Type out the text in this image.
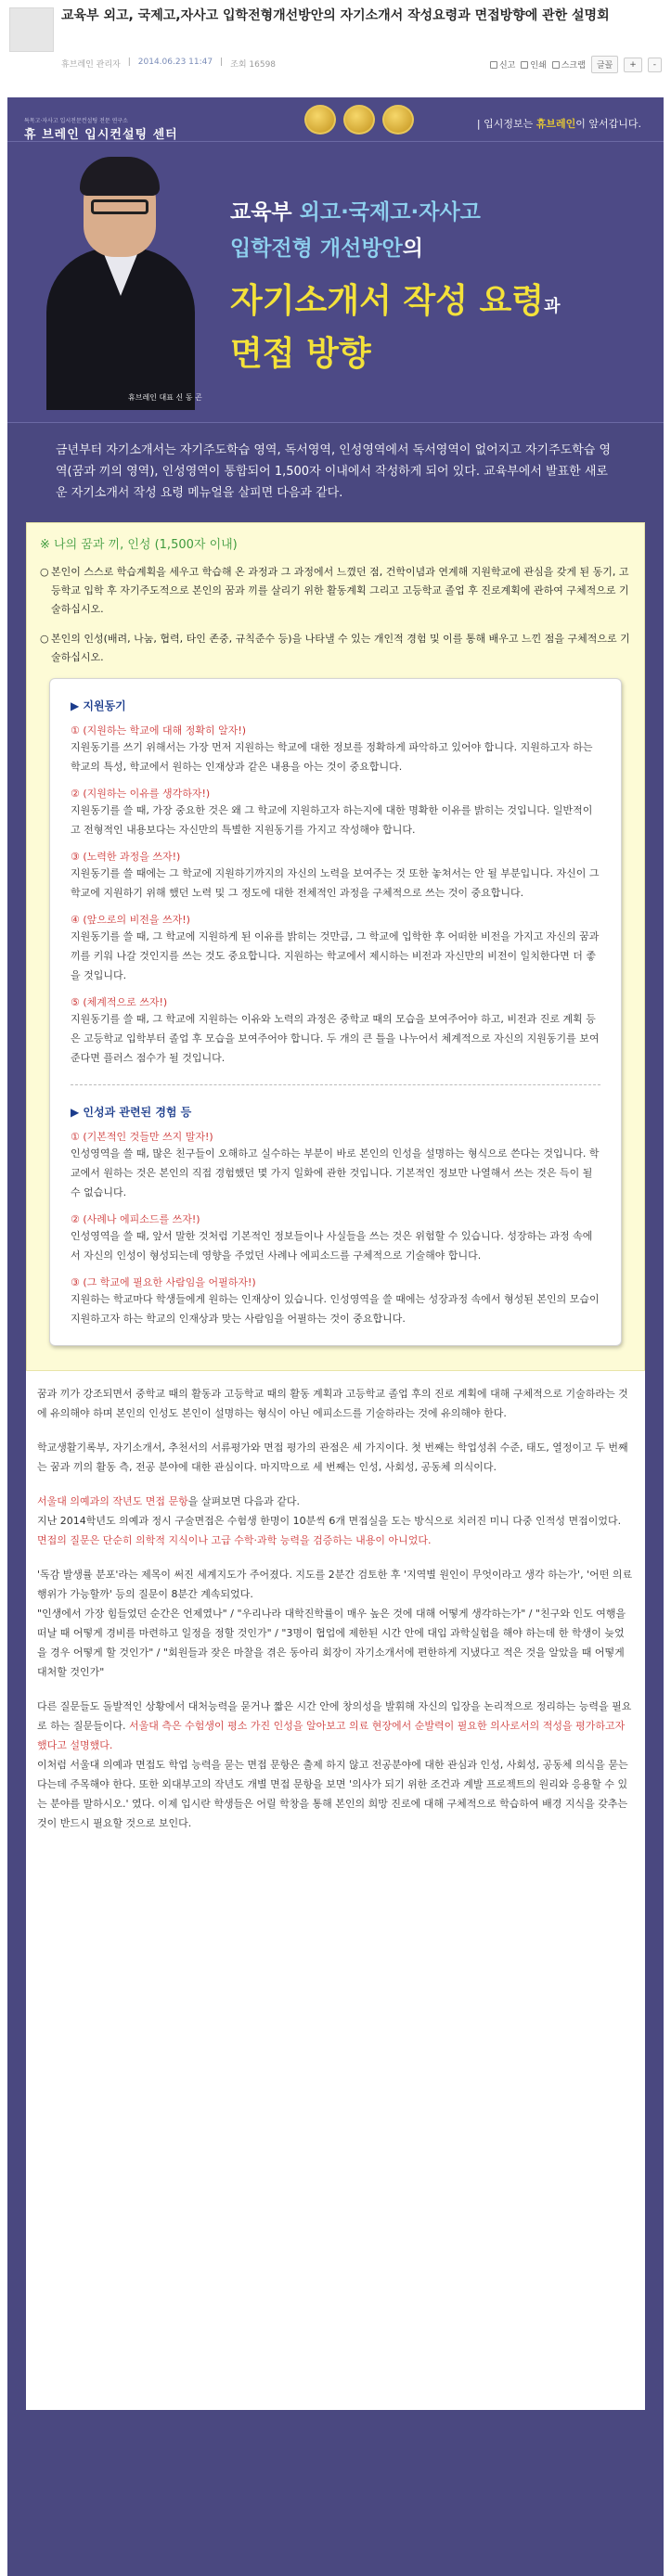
교육부 외고, 국제고,자사고 입학전형개선방안의 자기소개서 작성요령과 면접방향에 관한 설명회
휴브레인 관리자 | 2014.06.23 11:47 | 조회 16598	신고 인쇄 스크랩	글꼴	+	-
특목고·자사고 입시전문컨설팅 전문 연구소
휴 브레인 입시컨설팅 센터
| 입시정보는 휴브레인이 앞서갑니다.
휴브레인 대표 신 동 곤
교육부 외고·국제고·자사고
입학전형 개선방안의
자기소개서 작성 요령과
면접 방향
금년부터 자기소개서는 자기주도학습 영역, 독서영역, 인성영역에서 독서영역이 없어지고 자기주도학습 영역(꿈과 끼의 영역), 인성영역이 통합되어 1,500자 이내에서 작성하게 되어 있다. 교육부에서 발표한 새로운 자기소개서 작성 요령 메뉴얼을 살피면 다음과 같다.
※ 나의 꿈과 끼, 인성 (1,500자 이내)
○ 본인이 스스로 학습계획을 세우고 학습해 온 과정과 그 과정에서 느꼈던 점, 건학이념과 연계해 지원학교에 관심을 갖게 된 동기, 고등학교 입학 후 자기주도적으로 본인의 꿈과 끼를 살리기 위한 활동계획 그리고 고등학교 졸업 후 진로계획에 관하여 구체적으로 기술하십시오.
○ 본인의 인성(배려, 나눔, 협력, 타인 존중, 규칙준수 등)을 나타낼 수 있는 개인적 경험 및 이를 통해 배우고 느낀 점을 구체적으로 기술하십시오.
▶ 지원동기
① (지원하는 학교에 대해 정확히 알자!)
지원동기를 쓰기 위해서는 가장 먼저 지원하는 학교에 대한 정보를 정확하게 파악하고 있어야 합니다. 지원하고자 하는 학교의 특성, 학교에서 원하는 인재상과 같은 내용을 아는 것이 중요합니다.
② (지원하는 이유를 생각하자!)
지원동기를 쓸 때, 가장 중요한 것은 왜 그 학교에 지원하고자 하는지에 대한 명확한 이유를 밝히는 것입니다. 일반적이고 전형적인 내용보다는 자신만의 특별한 지원동기를 가지고 작성해야 합니다.
③ (노력한 과정을 쓰자!)
지원동기를 쓸 때에는 그 학교에 지원하기까지의 자신의 노력을 보여주는 것 또한 놓쳐서는 안 될 부분입니다. 자신이 그 학교에 지원하기 위해 했던 노력 및 그 정도에 대한 전체적인 과정을 구체적으로 쓰는 것이 중요합니다.
④ (앞으로의 비전을 쓰자!)
지원동기를 쓸 때, 그 학교에 지원하게 된 이유를 밝히는 것만큼, 그 학교에 입학한 후 어떠한 비전을 가지고 자신의 꿈과 끼를 키워 나갈 것인지를 쓰는 것도 중요합니다. 지원하는 학교에서 제시하는 비전과 자신만의 비전이 일치한다면 더 좋을 것입니다.
⑤ (체계적으로 쓰자!)
지원동기를 쓸 때, 그 학교에 지원하는 이유와 노력의 과정은 중학교 때의 모습을 보여주어야 하고, 비전과 진로 계획 등은 고등학교 입학부터 졸업 후 모습을 보여주어야 합니다. 두 개의 큰 틀을 나누어서 체계적으로 자신의 지원동기를 보여준다면 플러스 점수가 될 것입니다.
▶ 인성과 관련된 경험 등
① (기본적인 것들만 쓰지 말자!)
인성영역을 쓸 때, 많은 친구들이 오해하고 실수하는 부분이 바로 본인의 인성을 설명하는 형식으로 쓴다는 것입니다. 학교에서 원하는 것은 본인의 직접 경험했던 몇 가지 일화에 관한 것입니다. 기본적인 정보만 나열해서 쓰는 것은 득이 될 수 없습니다.
② (사례나 에피소드를 쓰자!)
인성영역을 쓸 때, 앞서 말한 것처럼 기본적인 정보들이나 사실들을 쓰는 것은 위험할 수 있습니다. 성장하는 과정 속에서 자신의 인성이 형성되는데 영향을 주었던 사례나 에피소드를 구체적으로 기술해야 합니다.
③ (그 학교에 필요한 사람임을 어필하자!)
지원하는 학교마다 학생들에게 원하는 인재상이 있습니다. 인성영역을 쓸 때에는 성장과정 속에서 형성된 본인의 모습이 지원하고자 하는 학교의 인재상과 맞는 사람임을 어필하는 것이 중요합니다.

꿈과 끼가 강조되면서 중학교 때의 활동과 고등학교 때의 활동 계획과 고등학교 졸업 후의 진로 계획에 대해 구체적으로 기술하라는 것에 유의해야 하며 본인의 인성도 본인이 설명하는 형식이 아닌 에피소드를 기술하라는 것에 유의해야 한다.

학교생활기록부, 자기소개서, 추천서의 서류평가와 면접 평가의 관점은 세 가지이다. 첫 번째는 학업성취 수준, 태도, 열정이고 두 번째는 꿈과 끼의 활동 측, 전공 분야에 대한 관심이다. 마지막으로 세 번째는 인성, 사회성, 공동체 의식이다.

서울대 의예과의 작년도 면접 문항을 살펴보면 다음과 같다.
지난 2014학년도 의예과 정시 구술면접은 수험생 한명이 10분씩 6개 면접실을 도는 방식으로 치러진 미니 다중 인적성 면접이었다. 면접의 질문은 단순히 의학적 지식이나 고급 수학·과학 능력을 검증하는 내용이 아니었다.

'독감 발생률 분포'라는 제목이 써진 세계지도가 주어졌다. 지도를 2분간 검토한 후 '지역별 원인이 무엇이라고 생각 하는가', '어떤 의료행위가 가능할까' 등의 질문이 8분간 계속되었다.
"인생에서 가장 힘들었던 순간은 언제였나" / "우리나라 대학진학률이 매우 높은 것에 대해 어떻게 생각하는가" / "친구와 인도 여행을 떠날 때 어떻게 경비를 마련하고 일정을 정할 것인가" / "3명이 협업에 제한된 시간 안에 대입 과학실험을 해야 하는데 한 학생이 늦었을 경우 어떻게 할 것인가" / "회원들과 잦은 마찰을 겪은 동아리 회장이 자기소개서에 편한하게 지냈다고 적은 것을 알았을 때 어떻게 대처할 것인가"

다른 질문들도 돌발적인 상황에서 대처능력을 묻거나 짧은 시간 안에 창의성을 발휘해 자신의 입장을 논리적으로 정리하는 능력을 필요로 하는 질문들이다. 서울대 측은 수험생이 평소 가진 인성을 알아보고 의료 현장에서 순발력이 필요한 의사로서의 적성을 평가하고자 했다고 설명했다.
이처럼 서울대 의예과 면접도 학업 능력을 묻는 면접 문항은 출제 하지 않고 전공분야에 대한 관심과 인성, 사회성, 공동체 의식을 묻는 다는데 주목해야 한다. 또한 외대부고의 작년도 개별 면접 문항을 보면 '의사가 되기 위한 조건과 계발 프로젝트의 원리와 응용할 수 있는 분야를 말하시오.' 였다. 이제 입시란 학생들은 어릴 학창을 통해 본인의 희망 진로에 대해 구체적으로 학습하여 배경 지식을 갖추는 것이 반드시 필요할 것으로 보인다.
